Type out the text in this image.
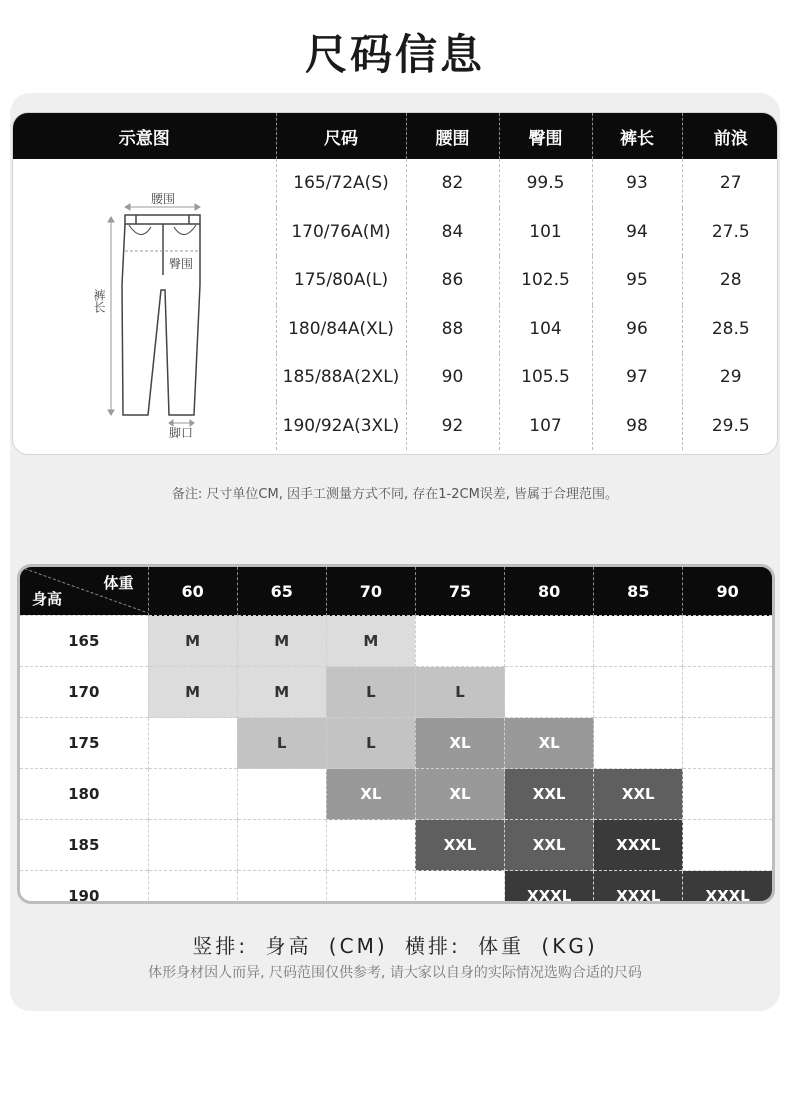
尺码信息
示意图	尺码	腰围	臀围	裤长	前浪

腰围
臀围
脚口
裤长	165/72A(S)	82	99.5	93	27
	170/76A(M)	84	101	94	27.5
	175/80A(L)	86	102.5	95	28
	180/84A(XL)	88	104	96	28.5
	185/88A(2XL)	90	105.5	97	29
	190/92A(3XL)	92	107	98	29.5
备注: 尺寸单位CM, 因手工测量方式不同, 存在1-2CM误差, 皆属于合理范围。
体重
身高	60	65	70	75	80	85	90
165	M	M	M				
170	M	M	L	L			
175		L	L	XL	XL		
180			XL	XL	XXL	XXL	
185				XXL	XXL	XXXL	
190					XXXL	XXXL	XXXL
竖排: 身高 (CM) 横排: 体重 (KG)
体形身材因人而异, 尺码范围仅供参考, 请大家以自身的实际情况选购合适的尺码
